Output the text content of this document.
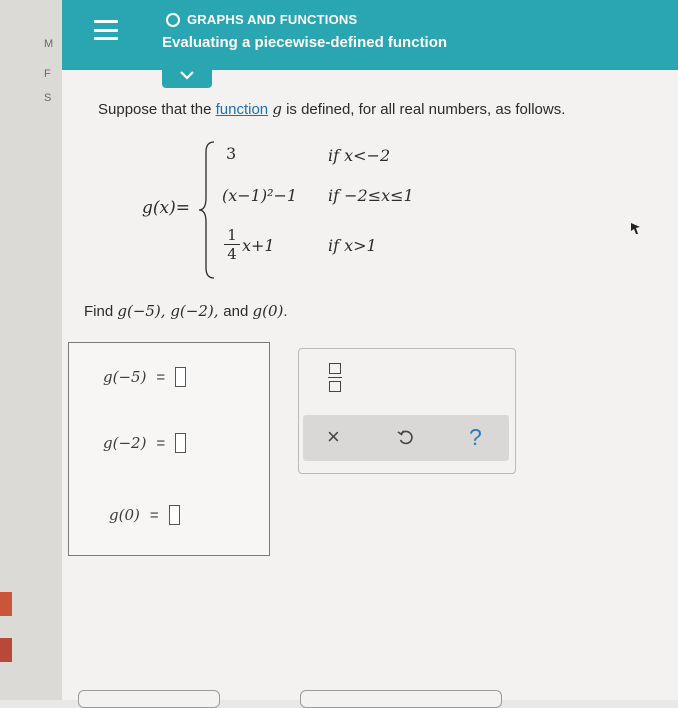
M
F
S
GRAPHS AND FUNCTIONS
Evaluating a piecewise-defined function
Suppose that the function g is defined, for all real numbers, as follows.
g(x)=
3	if x<−2
(x−1)²−1 if −2≤x≤1
$\frac{1}{4} x+1$	if x>1
Find g(−5), g(−2), and g(0).
g(−5) =
g(−2) =
g(0) =
×	?
